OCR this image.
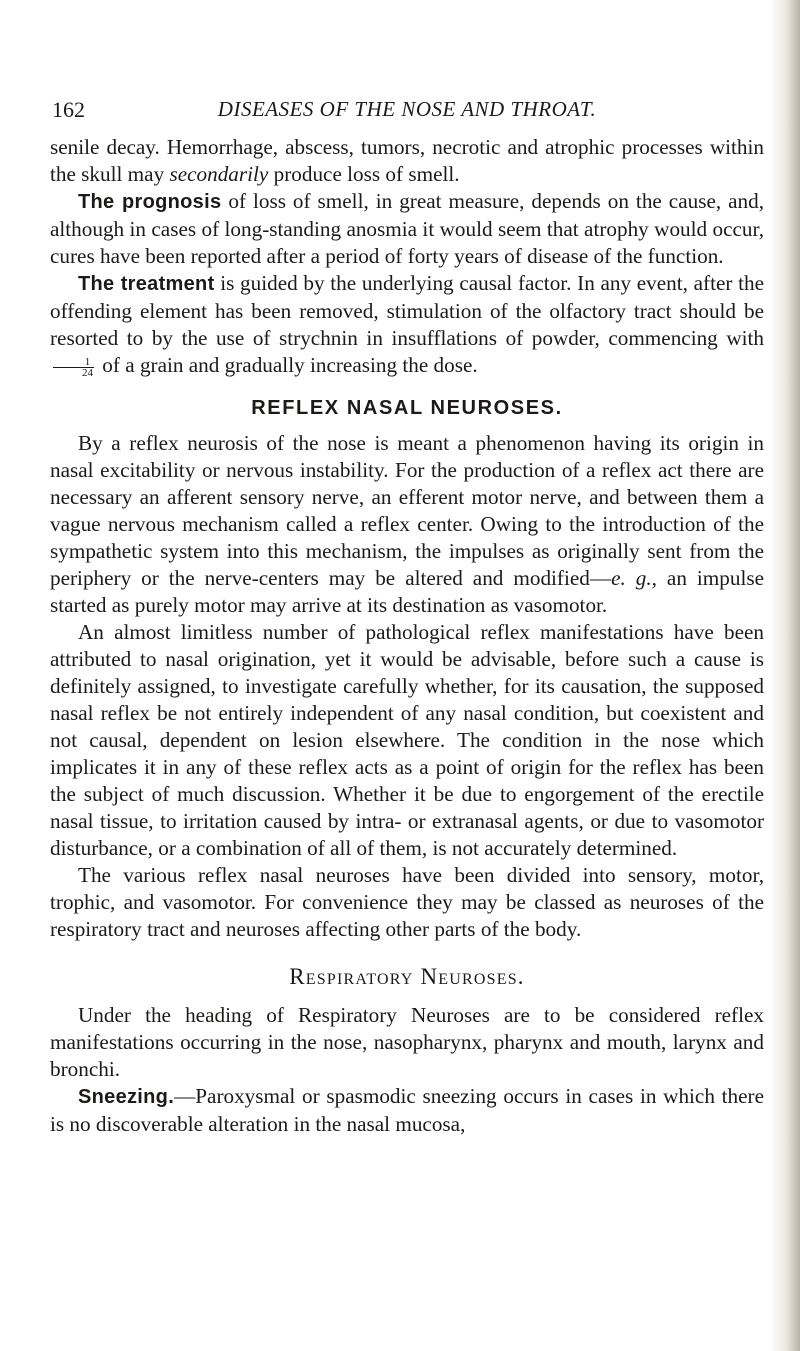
162	DISEASES OF THE NOSE AND THROAT.

senile decay. Hemorrhage, abscess, tumors, necrotic and atrophic processes within the skull may secondarily produce loss of smell.

The prognosis of loss of smell, in great measure, depends on the cause, and, although in cases of long-standing anosmia it would seem that atrophy would occur, cures have been reported after a period of forty years of disease of the function.

The treatment is guided by the underlying causal factor. In any event, after the offending element has been removed, stimulation of the olfactory tract should be resorted to by the use of strychnin in insufflations of powder, commencing with
$\frac{1}{24}$ of a grain and gradually increasing the dose.

REFLEX NASAL NEUROSES.

By a reflex neurosis of the nose is meant a phenomenon having its origin in nasal excitability or nervous instability. For the production of a reflex act there are necessary an afferent sensory nerve, an efferent motor nerve, and between them a vague nervous mechanism called a reflex center. Owing to the introduction of the sympathetic system into this mechanism, the impulses as originally sent from the periphery or the nerve-centers may be altered and modified—e. g., an impulse started as purely motor may arrive at its destination as vasomotor.

An almost limitless number of pathological reflex manifestations have been attributed to nasal origination, yet it would be advisable, before such a cause is definitely assigned, to investigate carefully whether, for its causation, the supposed nasal reflex be not entirely independent of any nasal condition, but coexistent and not causal, dependent on lesion elsewhere. The condition in the nose which implicates it in any of these reflex acts as a point of origin for the reflex has been the subject of much discussion. Whether it be due to engorgement of the erectile nasal tissue, to irritation caused by intra- or extranasal agents, or due to vasomotor disturbance, or a combination of all of them, is not accurately determined.

The various reflex nasal neuroses have been divided into sensory, motor, trophic, and vasomotor. For convenience they may be classed as neuroses of the respiratory tract and neuroses affecting other parts of the body.

Respiratory Neuroses.

Under the heading of Respiratory Neuroses are to be considered reflex manifestations occurring in the nose, nasopharynx, pharynx and mouth, larynx and bronchi.

Sneezing.—Paroxysmal or spasmodic sneezing occurs in cases in which there is no discoverable alteration in the nasal mucosa,
